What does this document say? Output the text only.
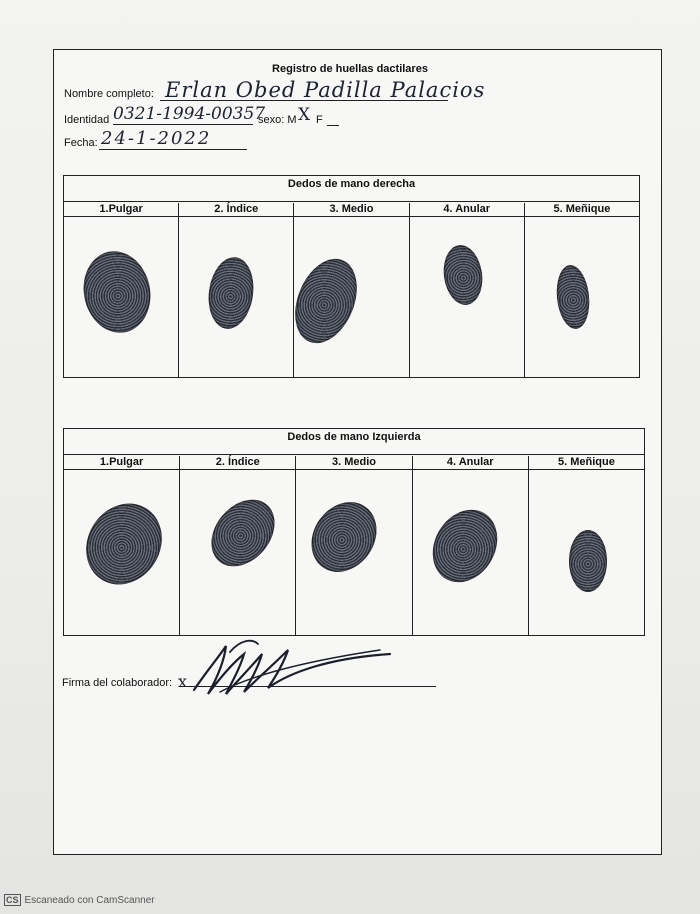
Registro de huellas dactilares
Nombre completo: Erlan Obed Padilla Palacios
Identidad 0321-1994-00357
sexo: M X F
Fecha: 24-1-2022
Dedos de mano derecha
1.Pulgar	2. Índice	3. Medio	4. Anular	5. Meñique
Dedos de mano Izquierda
1.Pulgar	2. Índice	3. Medio	4. Anular	5. Meñique
Firma del colaborador: x
CS Escaneado con CamScanner
